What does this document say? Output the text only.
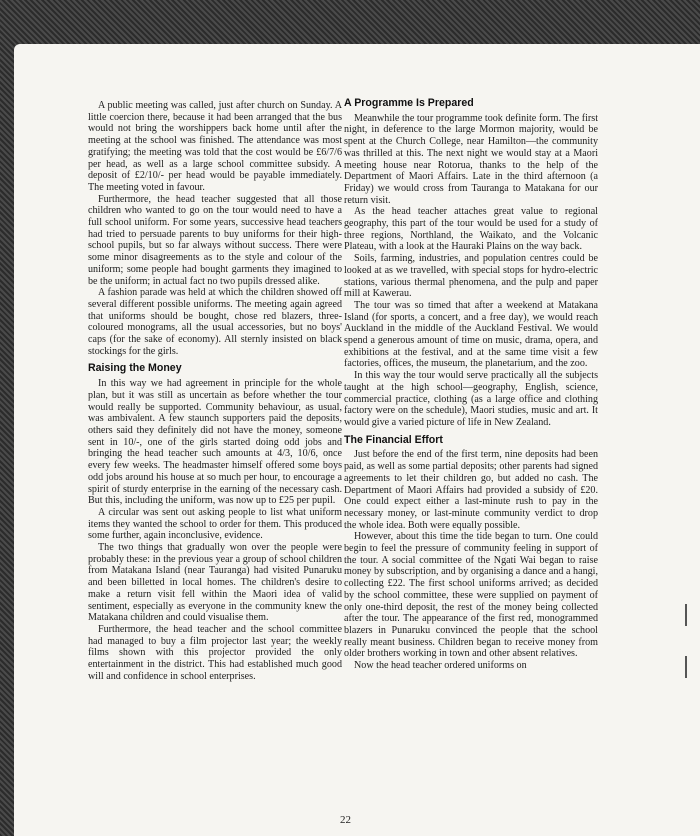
A public meeting was called, just after church on Sunday. A little coercion there, because it had been arranged that the bus would not bring the worshippers back home until after the meeting at the school was finished. The attendance was most gratifying; the meeting was told that the cost would be £6/7/6 per head, as well as a large school committee subsidy. A deposit of £2/10/- per head would be payable immediately. The meeting voted in favour.

Furthermore, the head teacher suggested that all those children who wanted to go on the tour would need to have a full school uniform. For some years, successive head teachers had tried to persuade parents to buy uniforms for their high-school pupils, but so far always without success. There were some minor disagreements as to the style and colour of the uniform; some people had bought garments they imagined to be the uniform; in actual fact no two pupils dressed alike.

A fashion parade was held at which the children showed off several different possible uniforms. The meeting again agreed that uniforms should be bought, chose red blazers, three-coloured monograms, all the usual accessories, but no boys' caps (for the sake of economy). All sternly insisted on black stockings for the girls.

Raising the Money

In this way we had agreement in principle for the whole plan, but it was still as uncertain as before whether the tour would really be supported. Community behaviour, as usual, was ambivalent. A few staunch supporters paid the deposits, others said they definitely did not have the money, someone sent in 10/-, one of the girls started doing odd jobs and bringing the head teacher such amounts at 4/3, 10/6, once every few weeks. The headmaster himself offered some boys odd jobs around his house at so much per hour, to encourage a spirit of sturdy enterprise in the earning of the necessary cash. But this, including the uniform, was now up to £25 per pupil.

A circular was sent out asking people to list what uniform items they wanted the school to order for them. This produced some further, again inconclusive, evidence.

The two things that gradually won over the people were probably these: in the previous year a group of school children from Matakana Island (near Tauranga) had visited Punaruku and been billetted in local homes. The children's desire to make a return visit fell within the Maori idea of valid sentiment, especially as everyone in the community knew the Matakana children and could visualise them.

Furthermore, the head teacher and the school committee had managed to buy a film projector last year; the weekly films shown with this projector provided the only entertainment in the district. This had established much good will and confidence in school enterprises.

A Programme Is Prepared

Meanwhile the tour programme took definite form. The first night, in deference to the large Mormon majority, would be spent at the Church College, near Hamilton—the community was thrilled at this. The next night we would stay at a Maori meeting house near Rotorua, thanks to the help of the Department of Maori Affairs. Late in the third afternoon (a Friday) we would cross from Tauranga to Matakana for our return visit.

As the head teacher attaches great value to regional geography, this part of the tour would be used for a study of three regions, Northland, the Waikato, and the Volcanic Plateau, with a look at the Hauraki Plains on the way back.

Soils, farming, industries, and population centres could be looked at as we travelled, with special stops for hydro-electric stations, various thermal phenomena, and the pulp and paper mill at Kawerau.

The tour was so timed that after a weekend at Matakana Island (for sports, a concert, and a free day), we would reach Auckland in the middle of the Auckland Festival. We would spend a generous amount of time on music, drama, opera, and exhibitions at the festival, and at the same time visit a few factories, offices, the museum, the planetarium, and the zoo.

In this way the tour would serve practically all the subjects taught at the high school—geography, English, science, commercial practice, clothing (as a large office and clothing factory were on the schedule), Maori studies, music and art. It would give a varied picture of life in New Zealand.

The Financial Effort

Just before the end of the first term, nine deposits had been paid, as well as some partial deposits; other parents had signed agreements to let their children go, but added no cash. The Department of Maori Affairs had provided a subsidy of £20. One could expect either a last-minute rush to pay in the necessary money, or last-minute community verdict to drop the whole idea. Both were equally possible.

However, about this time the tide began to turn. One could begin to feel the pressure of community feeling in support of the tour. A social committee of the Ngati Wai began to raise money by subscription, and by organising a dance and a hangi, collecting £22. The first school uniforms arrived; as decided by the school committee, these were supplied on payment of only one-third deposit, the rest of the money being collected after the tour. The appearance of the first red, monogrammed blazers in Punaruku convinced the people that the school really meant business. Children began to receive money from older brothers working in town and other absent relatives.

Now the head teacher ordered uniforms on

22
